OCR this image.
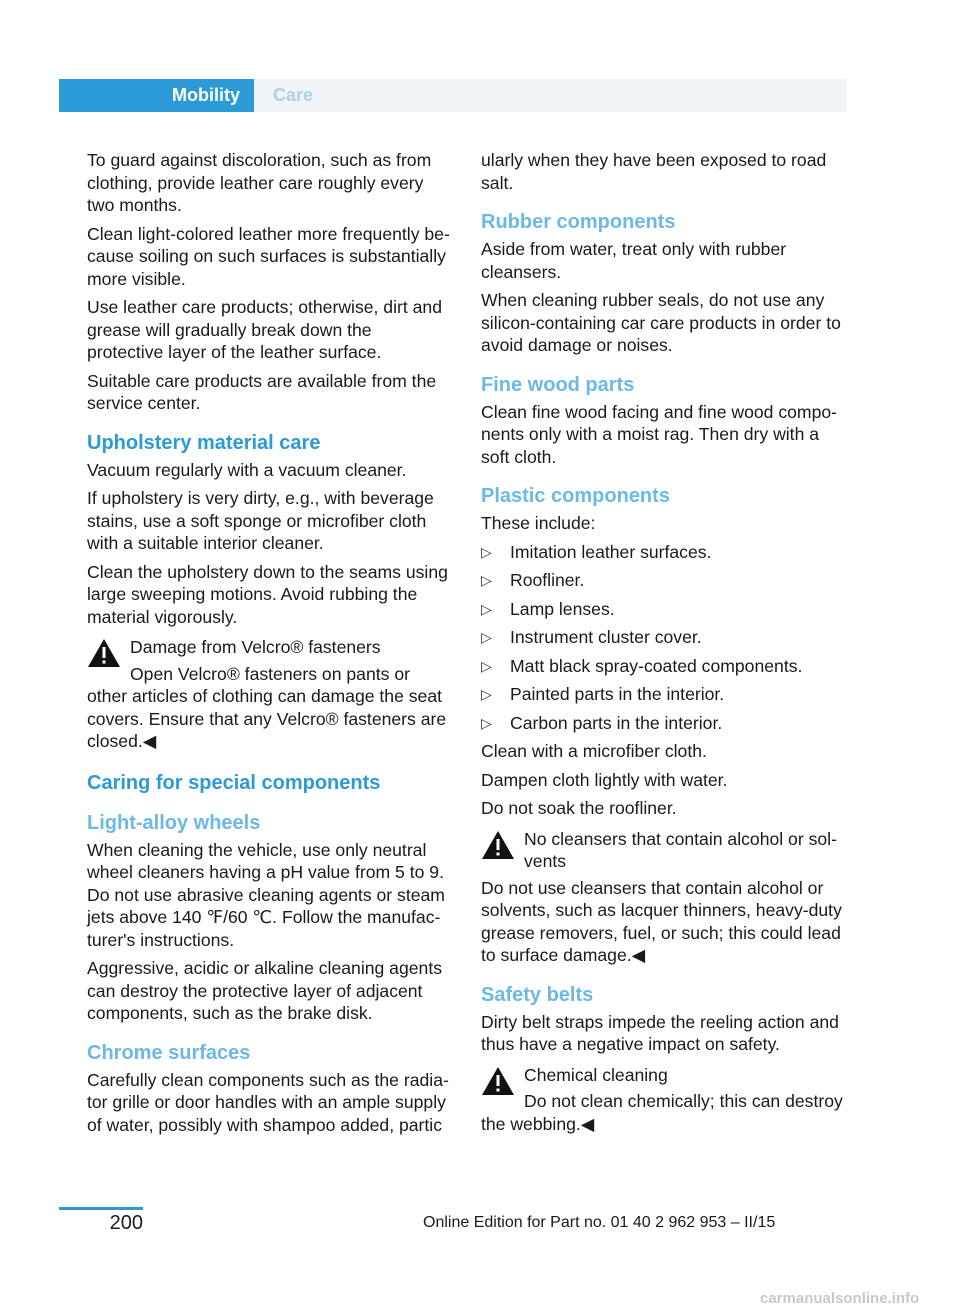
Mobility	Care

To guard against discoloration, such as from clothing, provide leather care roughly every two months.

Clean light-colored leather more frequently because soiling on such surfaces is substantially more visible.

Use leather care products; otherwise, dirt and grease will gradually break down the protective layer of the leather surface.

Suitable care products are available from the service center.

Upholstery material care

Vacuum regularly with a vacuum cleaner.

If upholstery is very dirty, e.g., with beverage stains, use a soft sponge or microfiber cloth with a suitable interior cleaner.

Clean the upholstery down to the seams using large sweeping motions. Avoid rubbing the material vigorously.

Damage from Velcro® fasteners
Open Velcro® fasteners on pants or other articles of clothing can damage the seat covers. Ensure that any Velcro® fasteners are closed.◀
Caring for special components
Light-alloy wheels

When cleaning the vehicle, use only neutral wheel cleaners having a pH value from 5 to 9. Do not use abrasive cleaning agents or steam jets above 140 ℉/60 ℃. Follow the manufacturer's instructions.

Aggressive, acidic or alkaline cleaning agents can destroy the protective layer of adjacent components, such as the brake disk.

Chrome surfaces

Carefully clean components such as the radiator grille or door handles with an ample supply of water, possibly with shampoo added, partic

ularly when they have been exposed to road salt.

Rubber components

Aside from water, treat only with rubber cleansers.

When cleaning rubber seals, do not use any silicon-containing car care products in order to avoid damage or noises.

Fine wood parts

Clean fine wood facing and fine wood components only with a moist rag. Then dry with a soft cloth.

Plastic components

These include:

▷ Imitation leather surfaces.
▷ Roofliner.
▷ Lamp lenses.
▷ Instrument cluster cover.
▷ Matt black spray-coated components.
▷ Painted parts in the interior.
▷ Carbon parts in the interior.

Clean with a microfiber cloth.

Dampen cloth lightly with water.

Do not soak the roofliner.

No cleansers that contain alcohol or solvents
Do not use cleansers that contain alcohol or solvents, such as lacquer thinners, heavy-duty grease removers, fuel, or such; this could lead to surface damage.◀
Safety belts

Dirty belt straps impede the reeling action and thus have a negative impact on safety.

Chemical cleaning
Do not clean chemically; this can destroy the webbing.◀
200	Online Edition for Part no. 01 40 2 962 953 – II/15
carmanualsonline.info
